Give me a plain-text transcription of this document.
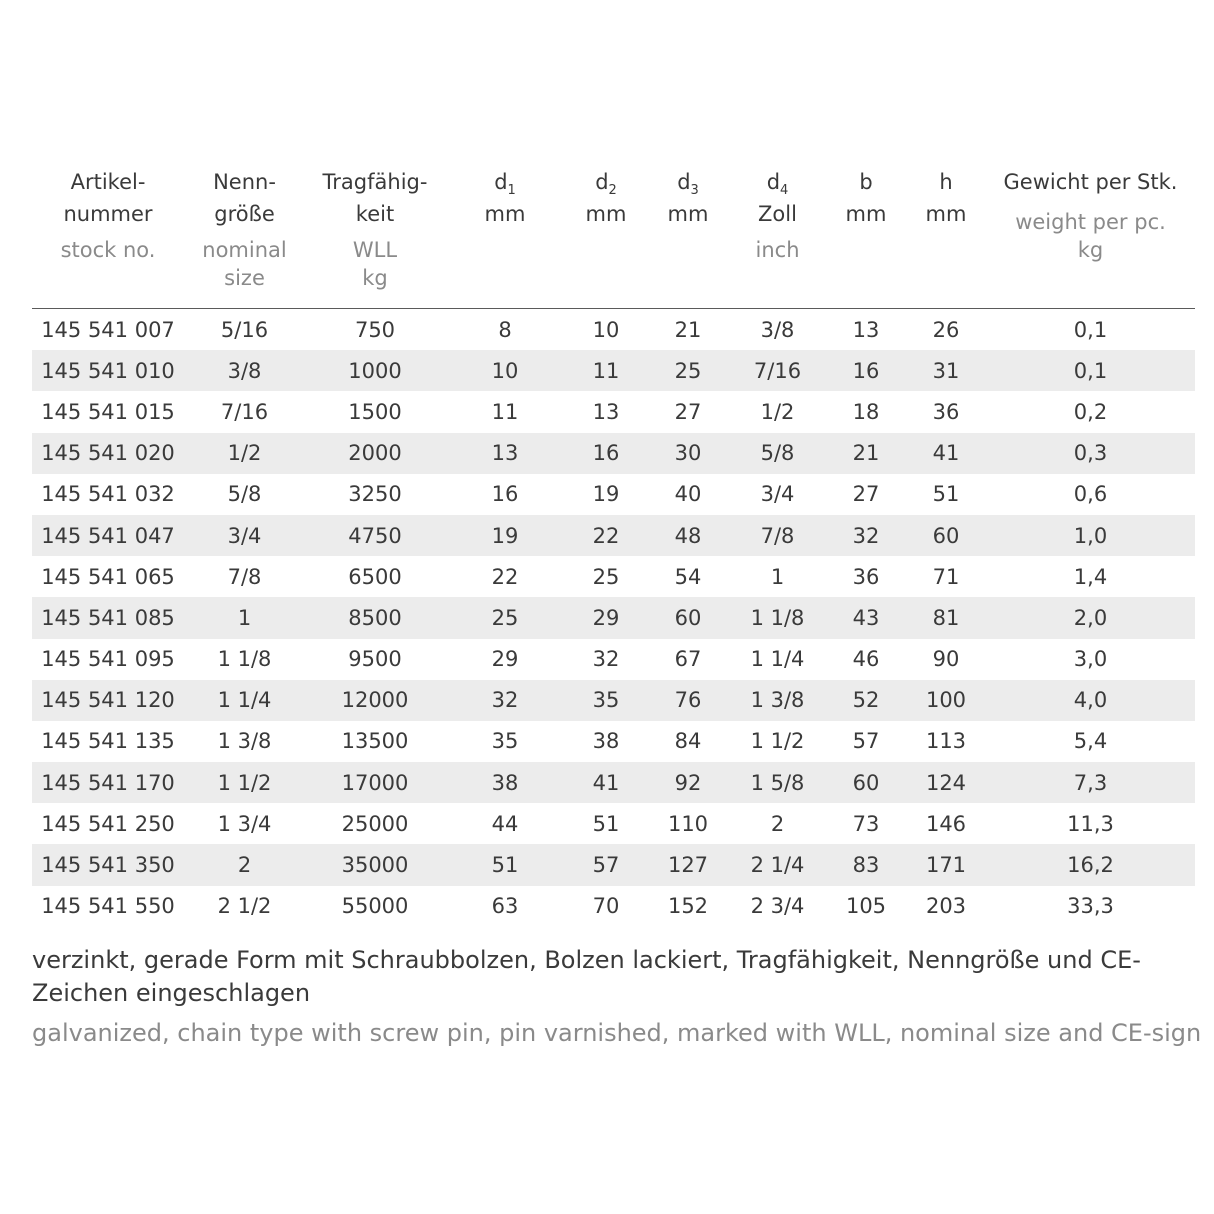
Artikel-
nummer
stock no.	Nenn-
größe
nominal
size	Tragfähig-
keit
WLL
kg	$d_1$
mm	$d_2$
mm	$d_3$
mm	$d_4$
Zoll
inch	b
mm	h
mm	Gewicht per Stk.
weight per pc.
kg

145 541 007	5/16	750	8	10	21	3/8	13	26	0,1
145 541 010	3/8	1000	10	11	25	7/16	16	31	0,1
145 541 015	7/16	1500	11	13	27	1/2	18	36	0,2
145 541 020	1/2	2000	13	16	30	5/8	21	41	0,3
145 541 032	5/8	3250	16	19	40	3/4	27	51	0,6
145 541 047	3/4	4750	19	22	48	7/8	32	60	1,0
145 541 065	7/8	6500	22	25	54	1	36	71	1,4
145 541 085	1	8500	25	29	60	1 1/8	43	81	2,0
145 541 095	1 1/8	9500	29	32	67	1 1/4	46	90	3,0
145 541 120	1 1/4	12000	32	35	76	1 3/8	52	100	4,0
145 541 135	1 3/8	13500	35	38	84	1 1/2	57	113	5,4
145 541 170	1 1/2	17000	38	41	92	1 5/8	60	124	7,3
145 541 250	1 3/4	25000	44	51	110	2	73	146	11,3
145 541 350	2	35000	51	57	127	2 1/4	83	171	16,2
145 541 550	2 1/2	55000	63	70	152	2 3/4	105	203	33,3
verzinkt, gerade Form mit Schraubbolzen, Bolzen lackiert, Tragfähigkeit, Nenngröße und CE-Zeichen eingeschlagen
galvanized, chain type with screw pin, pin varnished, marked with WLL, nominal size and CE-sign
